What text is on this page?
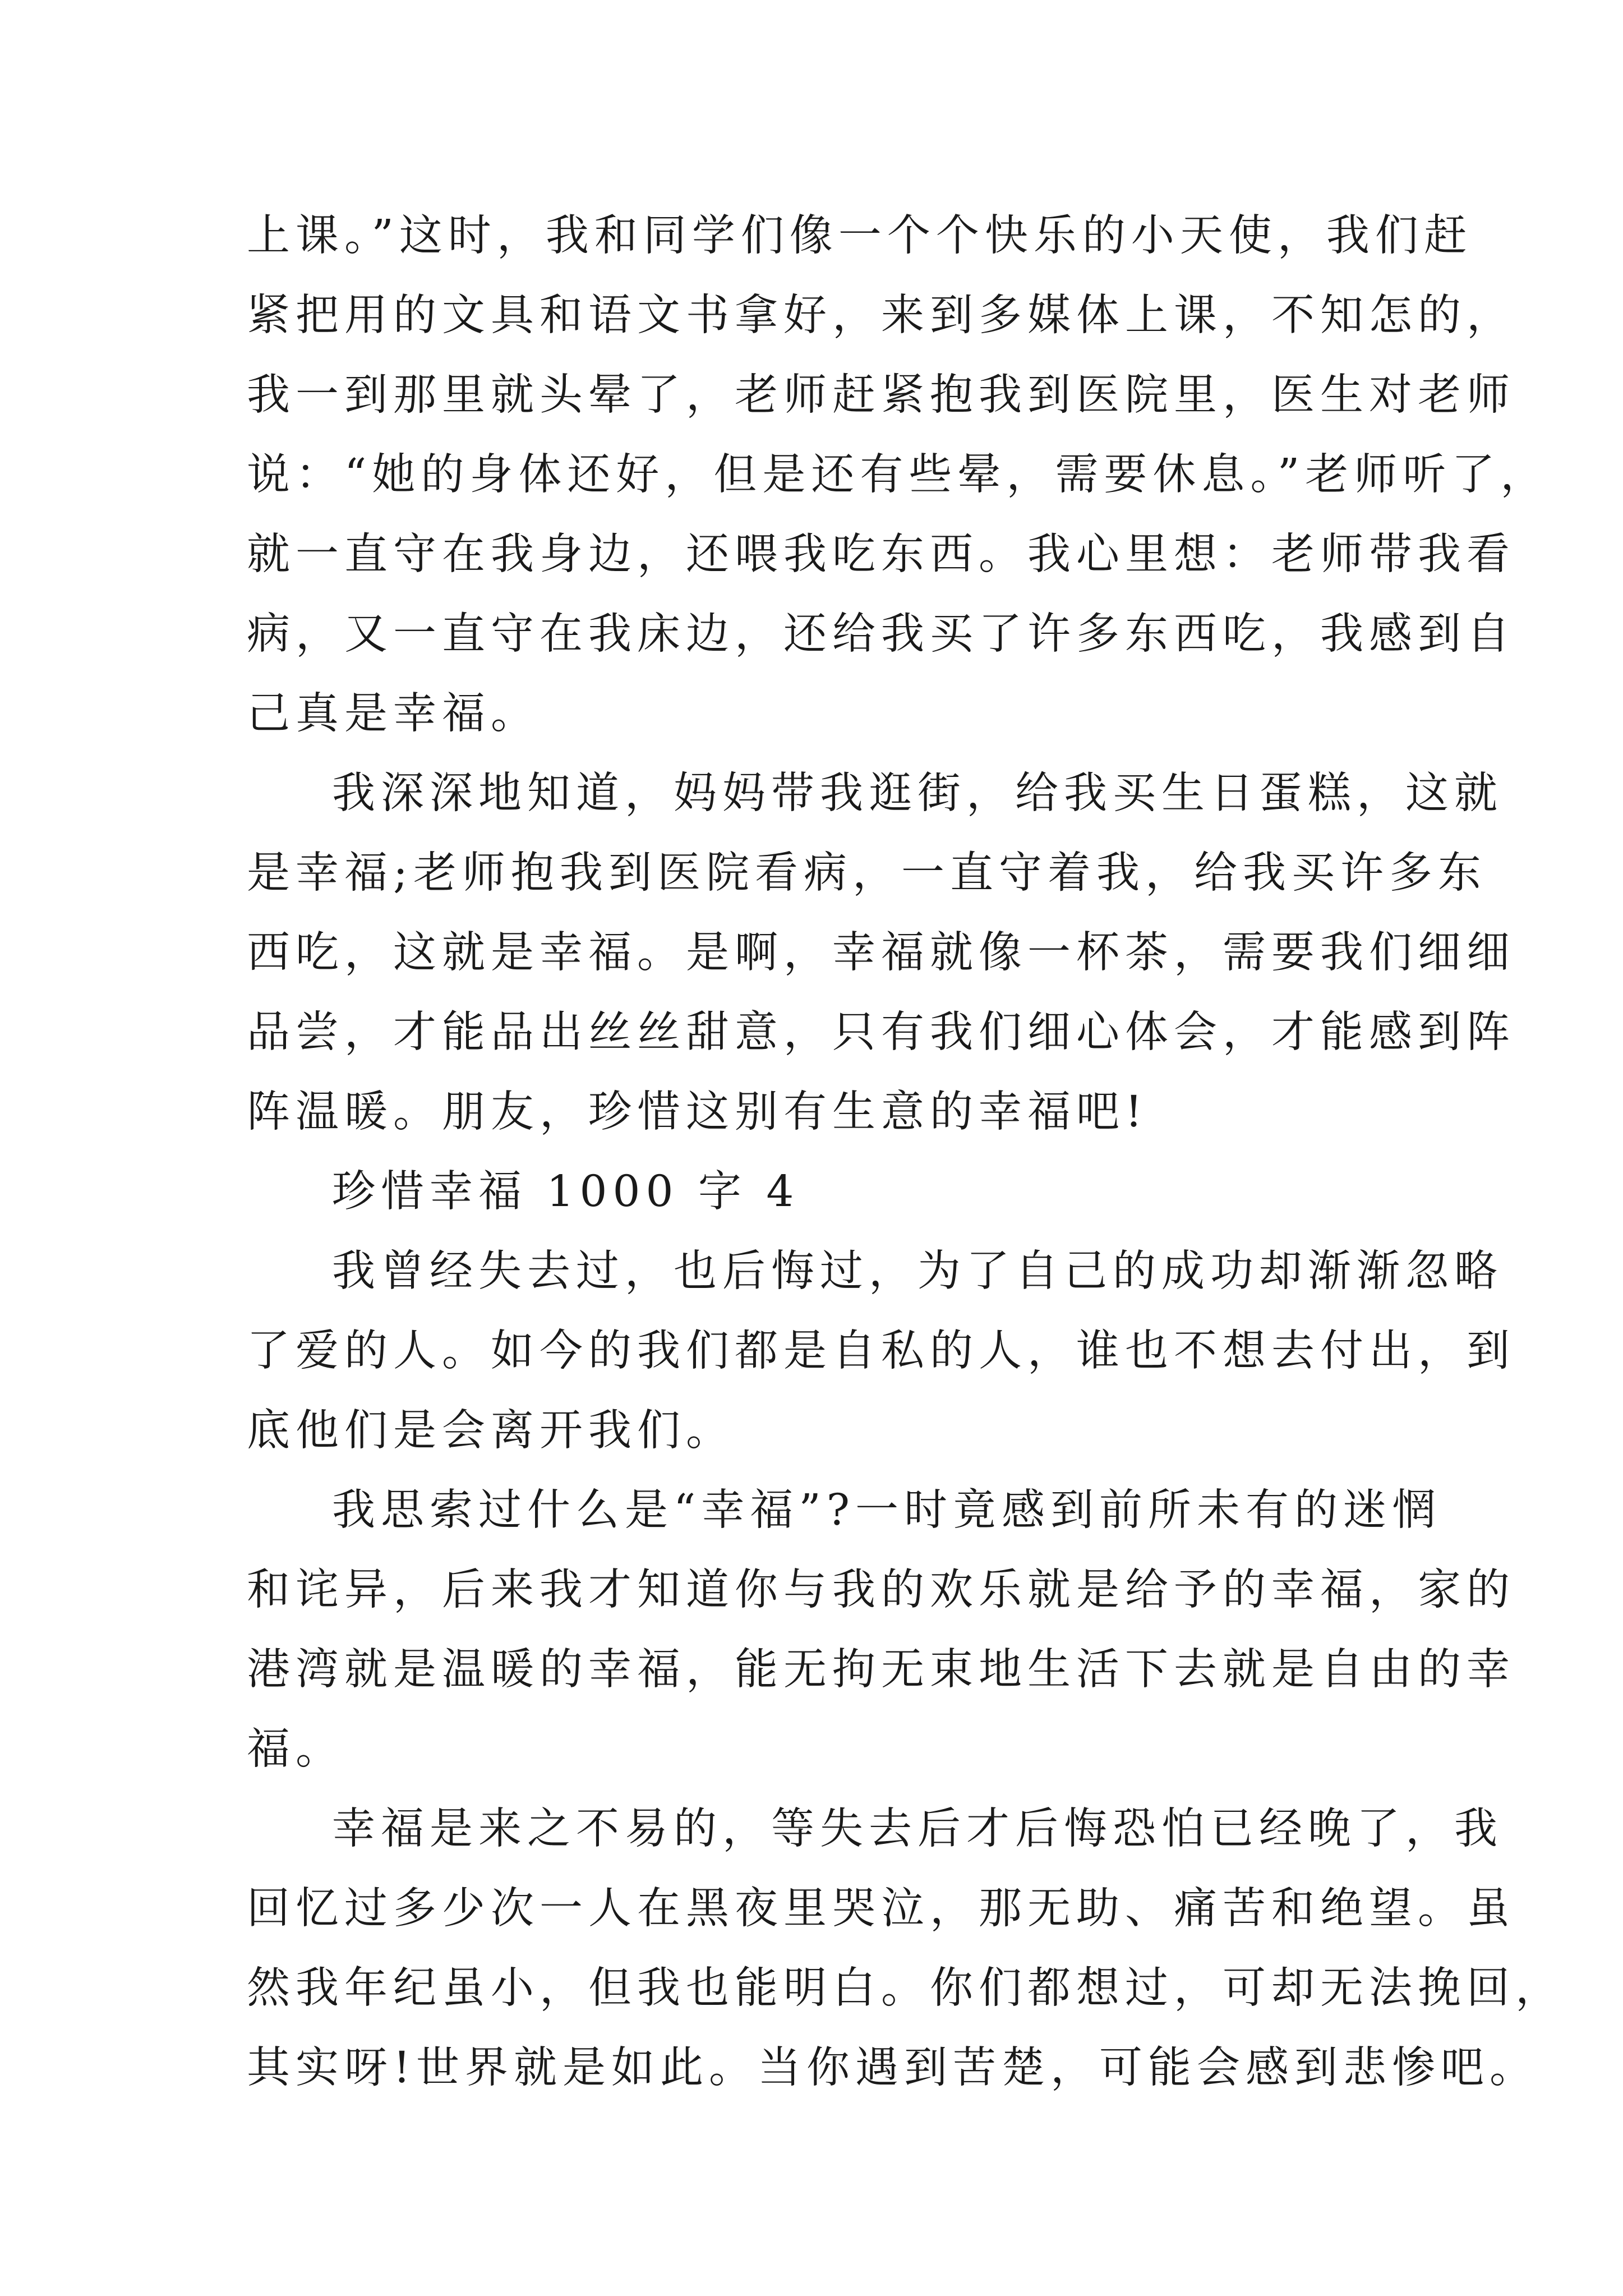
上课。”这时，我和同学们像一个个快乐的小天使，我们赶
紧把用的文具和语文书拿好，来到多媒体上课，不知怎的，
我一到那里就头晕了，老师赶紧抱我到医院里，医生对老师
说：“她的身体还好，但是还有些晕，需要休息。”老师听了，
就一直守在我身边，还喂我吃东西。我心里想：老师带我看
病，又一直守在我床边，还给我买了许多东西吃，我感到自
己真是幸福。
我深深地知道，妈妈带我逛街，给我买生日蛋糕，这就
是幸福;老师抱我到医院看病，一直守着我，给我买许多东
西吃，这就是幸福。是啊，幸福就像一杯茶，需要我们细细
品尝，才能品出丝丝甜意，只有我们细心体会，才能感到阵
阵温暖。朋友，珍惜这别有生意的幸福吧!
珍惜幸福 1000 字 4
我曾经失去过，也后悔过，为了自己的成功却渐渐忽略
了爱的人。如今的我们都是自私的人，谁也不想去付出，到
底他们是会离开我们。
我思索过什么是“幸福”?一时竟感到前所未有的迷惘
和诧异，后来我才知道你与我的欢乐就是给予的幸福，家的
港湾就是温暖的幸福，能无拘无束地生活下去就是自由的幸
福。
幸福是来之不易的，等失去后才后悔恐怕已经晚了，我
回忆过多少次一人在黑夜里哭泣，那无助、痛苦和绝望。虽
然我年纪虽小，但我也能明白。你们都想过，可却无法挽回，
其实呀!世界就是如此。当你遇到苦楚，可能会感到悲惨吧。
